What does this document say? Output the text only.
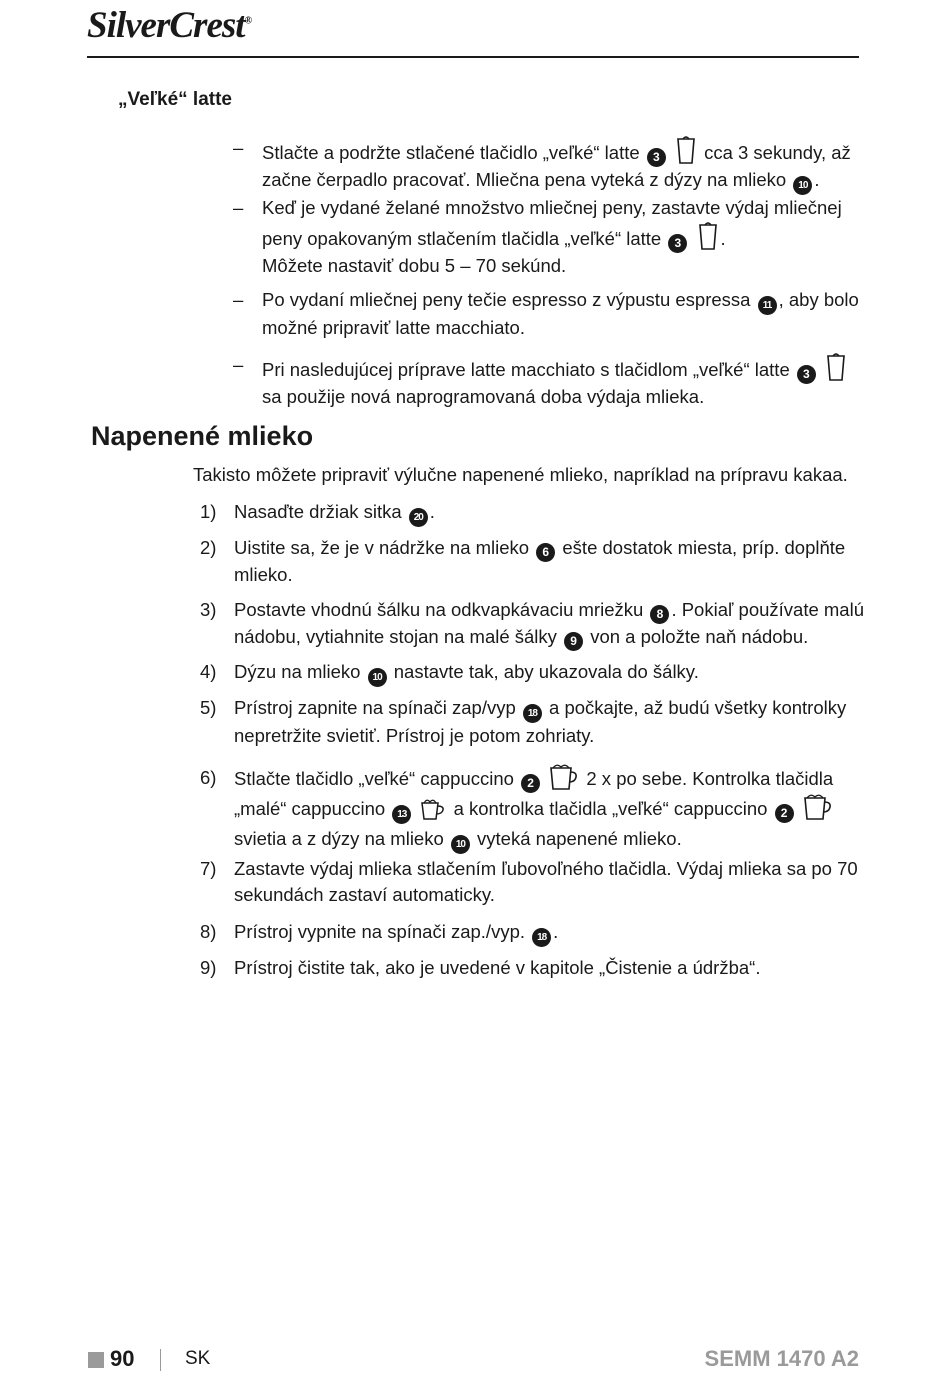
SilverCrest®
„Veľké“ latte
– Stlačte a podržte stlačené tlačidlo „veľké“ latte 3 cca 3 sekundy, až začne čerpadlo pracovať. Mliečna pena vyteká z dýzy na mlieko 10 .
– Keď je vydané želané množstvo mliečnej peny, zastavte výdaj mliečnej peny opakovaným stlačením tlačidla „veľké“ latte 3 .
Môžete nastaviť dobu 5 – 70 sekúnd.
– Po vydaní mliečnej peny tečie espresso z výpustu espressa 11 , aby bolo možné pripraviť latte macchiato.
– Pri nasledujúcej príprave latte macchiato s tlačidlom „veľké“ latte 3  sa použije nová naprogramovaná doba výdaja mlieka.
Napenené mlieko
Takisto môžete pripraviť výlučne napenené mlieko, napríklad na prípravu kakaa.
1) Nasaďte držiak sitka 20 .
2) Uistite sa, že je v nádržke na mlieko 6 ešte dostatok miesta, príp. doplňte mlieko.
3) Postavte vhodnú šálku na odkvapkávaciu mriežku 8 . Pokiaľ používate malú nádobu, vytiahnite stojan na malé šálky 9 von a položte naň nádobu.
4) Dýzu na mlieko 10 nastavte tak, aby ukazovala do šálky.
5) Prístroj zapnite na spínači zap/vyp 18 a počkajte, až budú všetky kontrolky nepretržite svietiť. Prístroj je potom zohriaty.
6) Stlačte tlačidlo „veľké“ cappuccino 2	2 x po sebe. Kontrolka tlačidla „malé“ cappuccino 13	a kontrolka tlačidla „veľké“ cappuccino 2  svietia a z dýzy na mlieko 10 vyteká napenené mlieko.
7) Zastavte výdaj mlieka stlačením ľubovoľného tlačidla. Výdaj mlieka sa po 70 sekundách zastaví automaticky.
8) Prístroj vypnite na spínači zap./vyp. 18 .
9) Prístroj čistite tak, ako je uvedené v kapitole „Čistenie a údržba“.
90	SK	SEMM 1470 A2
